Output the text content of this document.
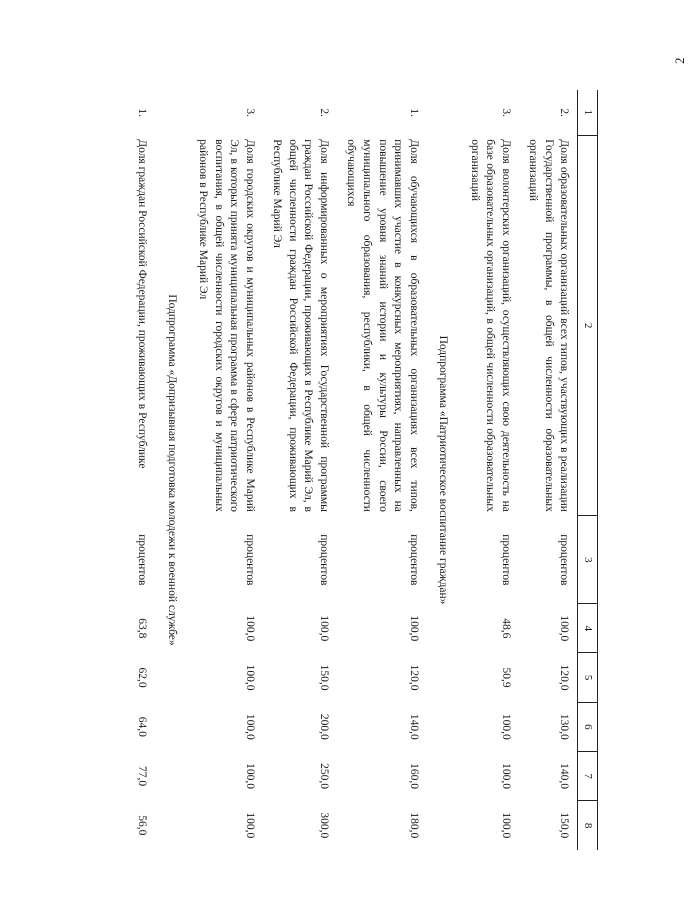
2
1	2	3	4	5	6	7	8
2.	Доля образовательных организаций всех типов, участвующих в реализации Государственной программы, в общей численности образовательных организаций	процентов	100,0	120,0	130,0	140,0	150,0
3.	Доля волонтерских организаций, осуществляющих свою деятельность на базе образовательных организаций, в общей численности образовательных организаций	процентов	48,6	50,9	100,0	100,0	100,0
Подпрограмма «Патриотическое воспитание граждан»							
1.	Доля обучающихся в образовательных организациях всех типов, принимавших участие в конкурсных мероприятиях, направленных на повышение уровня знаний истории и культуры России, своего муниципального образования, республики, в общей численности обучающихся	процентов	100,0	120,0	140,0	160,0	180,0
2.	Доля информированных о мероприятиях Государственной программы граждан Российской Федерации, проживающих в Республике Марий Эл, в общей численности граждан Российской Федерации, проживающих в Республике Марий Эл	процентов	100,0	150,0	200,0	250,0	300,0
3.	Доля городских округов и муниципальных районов в Республике Марий Эл, в которых принята муниципальная программа в сфере патриотического воспитания, в общей численности городских округов и муниципальных районов в Республике Марий Эл	процентов	100,0	100,0	100,0	100,0	100,0
Подпрограмма «Допризывная подготовка молодежи к военной службе»							
1.	Доля граждан Российской Федерации, проживающих в Республике	процентов	63,8	62,0	64,0	77,0	56,0
